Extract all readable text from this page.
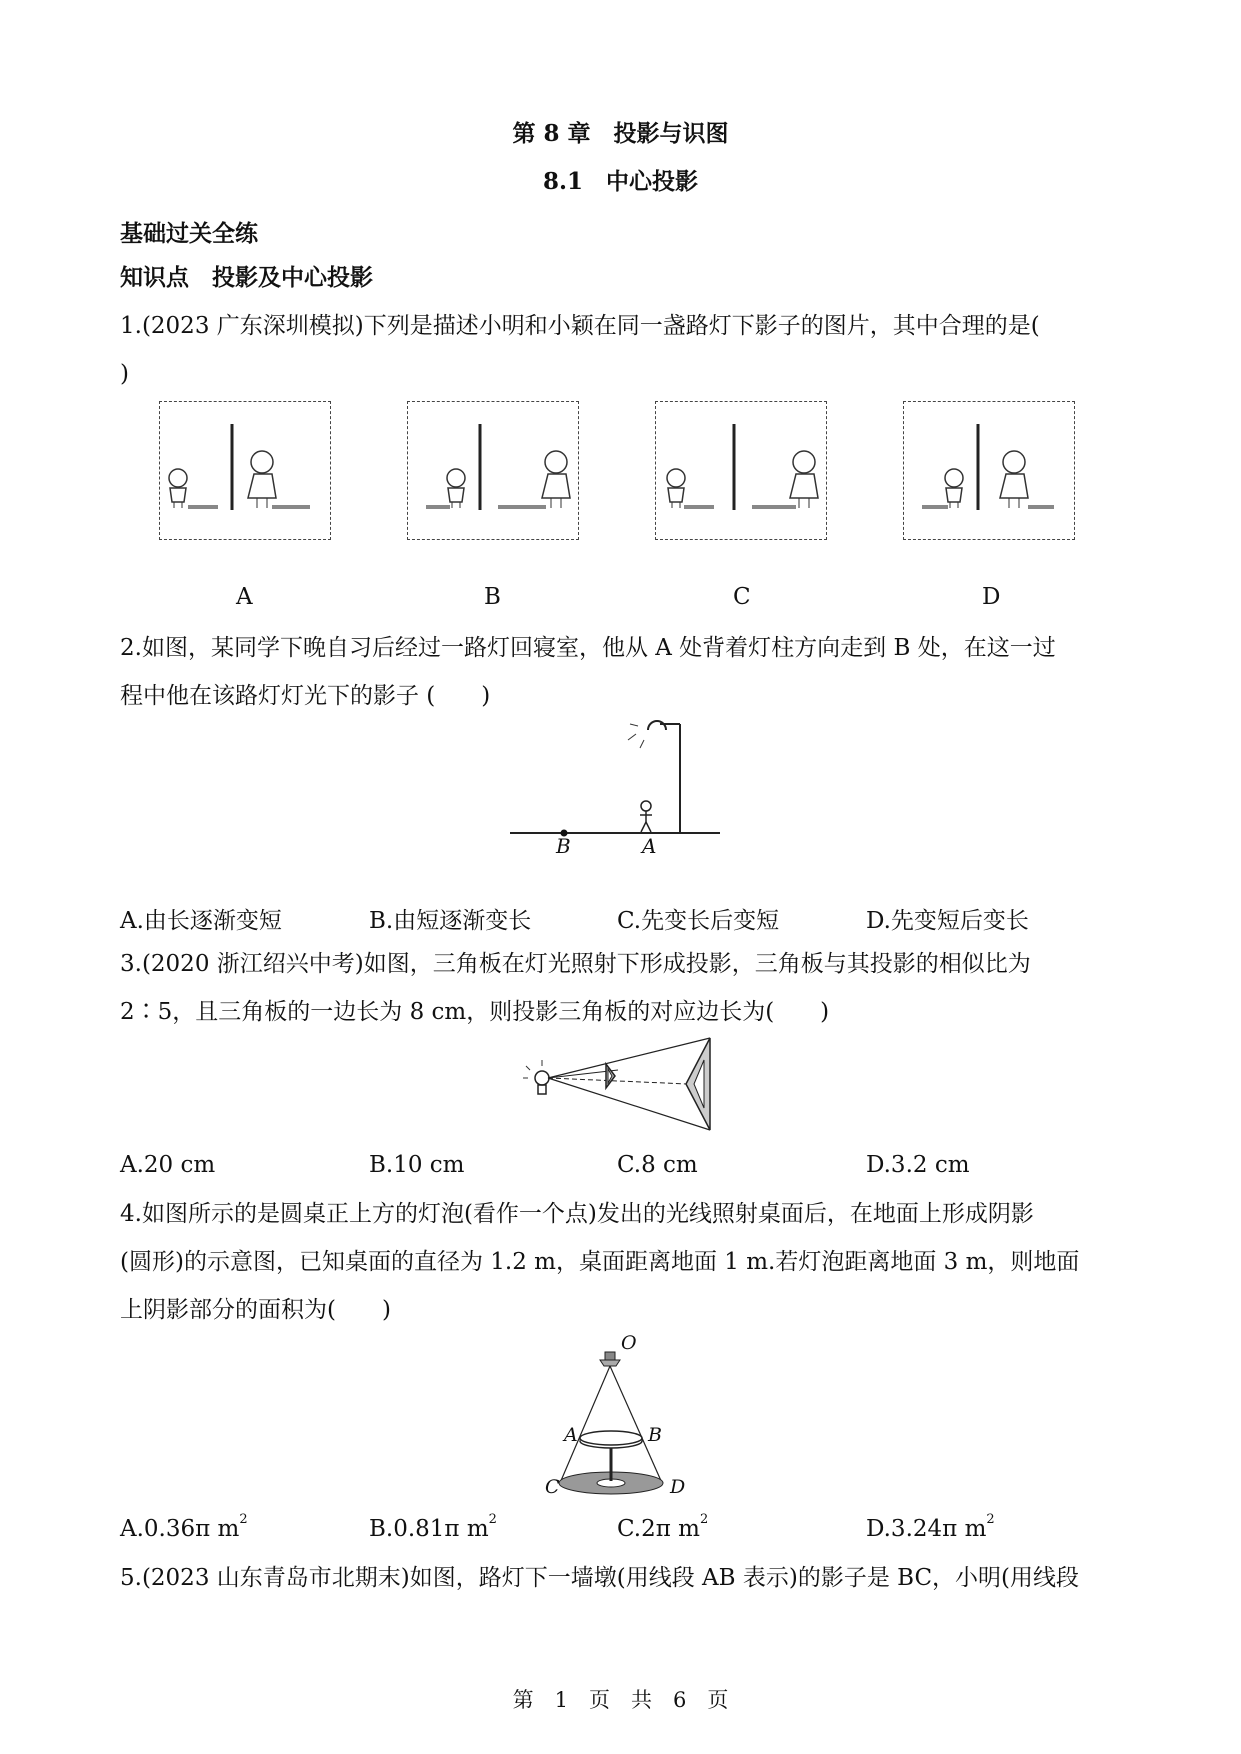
第 8 章　投影与识图
8.1　中心投影
基础过关全练
知识点　投影及中心投影
1.(2023 广东深圳模拟)下列是描述小明和小颖在同一盏路灯下影子的图片，其中合理的是(
)
A	B	C	D
2.如图，某同学下晚自习后经过一路灯回寝室，他从 A 处背着灯柱方向走到 B 处，在这一过
程中他在该路灯灯光下的影子 (　　)
B	A
A.由长逐渐变短	B.由短逐渐变长	C.先变长后变短	D.先变短后变长
3.(2020 浙江绍兴中考)如图，三角板在灯光照射下形成投影，三角板与其投影的相似比为
2∶5，且三角板的一边长为 8 cm，则投影三角板的对应边长为(　　)
A.20 cm	B.10 cm	C.8 cm	D.3.2 cm
4.如图所示的是圆桌正上方的灯泡(看作一个点)发出的光线照射桌面后，在地面上形成阴影
(圆形)的示意图，已知桌面的直径为 1.2 m，桌面距离地面 1 m.若灯泡距离地面 3 m，则地面
上阴影部分的面积为(　　)
O
A	B
C	D
A.0.36π $m^2$	B.0.81π $m^2$	C.2π $m^2$	D.3.24π $m^2$
5.(2023 山东青岛市北期末)如图，路灯下一墙墩(用线段 AB 表示)的影子是 BC，小明(用线段
第　1　页　共　6　页
